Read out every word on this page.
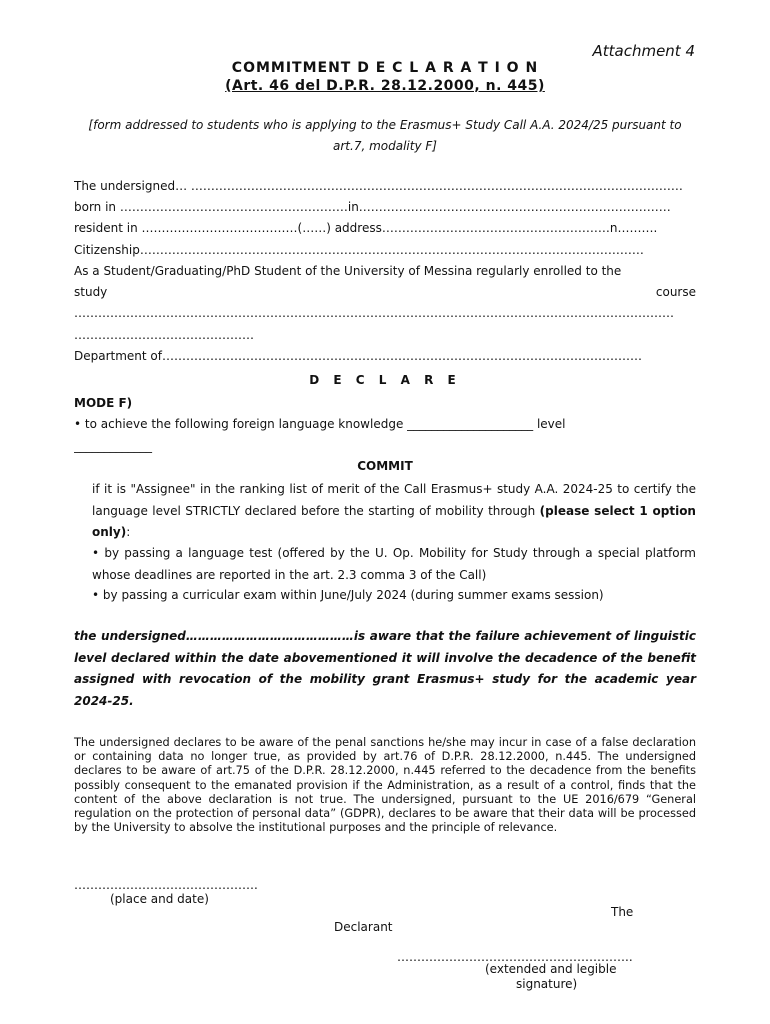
Attachment 4
COMMITMENT D E C L A R A T I O N
(Art. 46 del D.P.R. 28.12.2000, n. 445)
[form addressed to students who is applying to the Erasmus+ Study Call A.A. 2024/25 pursuant to art.7, modality F]
The undersigned… ……………………………………………………………………………………………………………
born in …………………………………………………in……………………………………………………………………
resident in …………………………………(……) address…………………………………………………n……….
Citizenship………………………………………………………………………………………………………………
As a Student/Graduating/PhD Student of the University of Messina regularly enrolled to the
study	course
……………………………………………………………………………………………………………………………………
………………………………………
Department of…………………………………………………………………………………………………………
D E C L A R E
MODE F)
• to achieve the following foreign language knowledge _____________________ level
_____________
COMMIT
if it is "Assignee" in the ranking list of merit of the Call Erasmus+ study A.A. 2024-25 to certify the language level STRICTLY declared before the starting of mobility through (please select 1 option only):
• by passing a language test (offered by the U. Op. Mobility for Study through a special platform whose deadlines are reported in the art. 2.3 comma 3 of the Call)
• by passing a curricular exam within June/July 2024 (during summer exams session)
the undersigned……………………………………is aware that the failure achievement of linguistic level declared within the date abovementioned it will involve the decadence of the benefit assigned with revocation of the mobility grant Erasmus+ study for the academic year 2024-25.
The undersigned declares to be aware of the penal sanctions he/she may incur in case of a false declaration or containing data no longer true, as provided by art.76 of D.P.R. 28.12.2000, n.445. The undersigned declares to be aware of art.75 of the D.P.R. 28.12.2000, n.445 referred to the decadence from the benefits possibly consequent to the emanated provision if the Administration, as a result of a control, finds that the content of the above declaration is not true. The undersigned, pursuant to the UE 2016/679 “General regulation on the protection of personal data” (GDPR), declares to be aware that their data will be processed by the University to absolve the institutional purposes and the principle of relevance.
……………………………………….
(place and date)
The
Declarant
…………………………………………………..
(extended and legible
signature)
